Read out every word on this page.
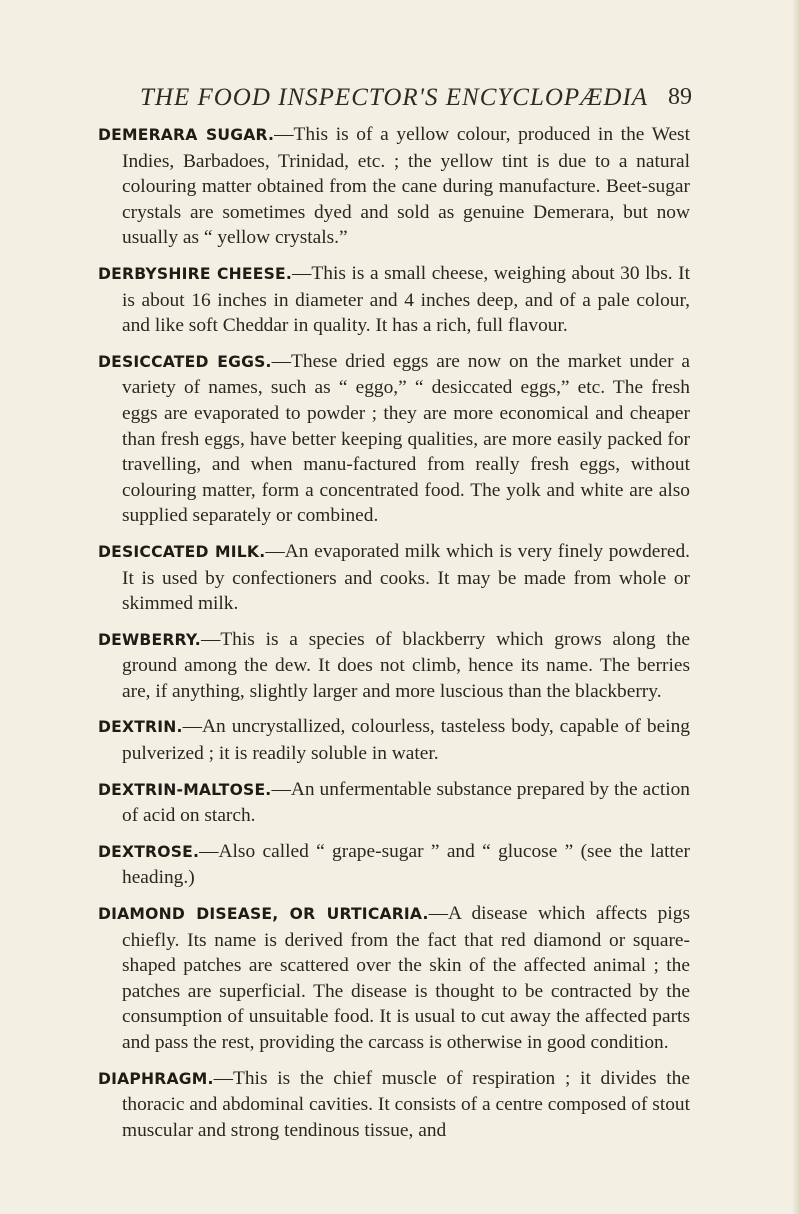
THE FOOD INSPECTOR'S ENCYCLOPÆDIA 89

DEMERARA SUGAR.—This is of a yellow colour, produced in the West Indies, Barbadoes, Trinidad, etc. ; the yellow tint is due to a natural colouring matter obtained from the cane during manufacture. Beet-sugar crystals are sometimes dyed and sold as genuine Demerara, but now usually as “ yellow crystals.”

DERBYSHIRE CHEESE.—This is a small cheese, weighing about 30 lbs. It is about 16 inches in diameter and 4 inches deep, and of a pale colour, and like soft Cheddar in quality. It has a rich, full flavour.

DESICCATED EGGS.—These dried eggs are now on the market under a variety of names, such as “ eggo,” “ desiccated eggs,” etc. The fresh eggs are evaporated to powder ; they are more economical and cheaper than fresh eggs, have better keeping qualities, are more easily packed for travelling, and when manu-factured from really fresh eggs, without colouring matter, form a concentrated food. The yolk and white are also supplied separately or combined.

DESICCATED MILK.—An evaporated milk which is very finely powdered. It is used by confectioners and cooks. It may be made from whole or skimmed milk.

DEWBERRY.—This is a species of blackberry which grows along the ground among the dew. It does not climb, hence its name. The berries are, if anything, slightly larger and more luscious than the blackberry.

DEXTRIN.—An uncrystallized, colourless, tasteless body, capable of being pulverized ; it is readily soluble in water.

DEXTRIN-MALTOSE.—An unfermentable substance prepared by the action of acid on starch.

DEXTROSE.—Also called “ grape-sugar ” and “ glucose ” (see the latter heading.)

DIAMOND DISEASE, OR URTICARIA.—A disease which affects pigs chiefly. Its name is derived from the fact that red diamond or square-shaped patches are scattered over the skin of the affected animal ; the patches are superficial. The disease is thought to be contracted by the consumption of unsuitable food. It is usual to cut away the affected parts and pass the rest, providing the carcass is otherwise in good condition.

DIAPHRAGM.—This is the chief muscle of respiration ; it divides the thoracic and abdominal cavities. It consists of a centre composed of stout muscular and strong tendinous tissue, and
